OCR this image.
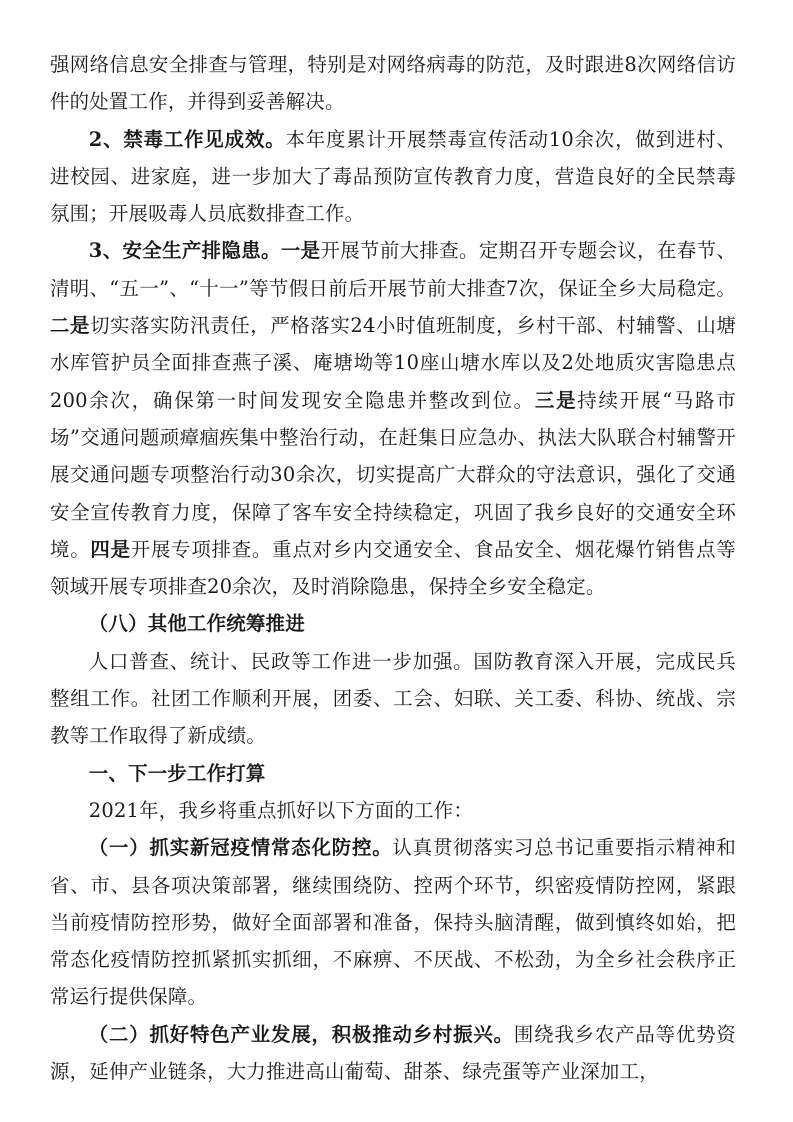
强网络信息安全排查与管理，特别是对网络病毒的防范，及时跟进8次网络信访件的处置工作，并得到妥善解决。

2、禁毒工作见成效。本年度累计开展禁毒宣传活动10余次，做到进村、进校园、进家庭，进一步加大了毒品预防宣传教育力度，营造良好的全民禁毒氛围；开展吸毒人员底数排查工作。

3、安全生产排隐患。一是开展节前大排查。定期召开专题会议，在春节、清明、“五一”、“十一”等节假日前后开展节前大排查7次，保证全乡大局稳定。二是切实落实防汛责任，严格落实24小时值班制度，乡村干部、村辅警、山塘水库管护员全面排查燕子溪、庵塘坳等10座山塘水库以及2处地质灾害隐患点200余次，确保第一时间发现安全隐患并整改到位。三是持续开展“马路市场”交通问题顽瘴痼疾集中整治行动，在赶集日应急办、执法大队联合村辅警开展交通问题专项整治行动30余次，切实提高广大群众的守法意识，强化了交通安全宣传教育力度，保障了客车安全持续稳定，巩固了我乡良好的交通安全环境。四是开展专项排查。重点对乡内交通安全、食品安全、烟花爆竹销售点等领域开展专项排查20余次，及时消除隐患，保持全乡安全稳定。

（八）其他工作统筹推进

人口普查、统计、民政等工作进一步加强。国防教育深入开展，完成民兵整组工作。社团工作顺利开展，团委、工会、妇联、关工委、科协、统战、宗教等工作取得了新成绩。

一、下一步工作打算

2021年，我乡将重点抓好以下方面的工作：

（一）抓实新冠疫情常态化防控。认真贯彻落实习总书记重要指示精神和省、市、县各项决策部署，继续围绕防、控两个环节，织密疫情防控网，紧跟当前疫情防控形势，做好全面部署和准备，保持头脑清醒，做到慎终如始，把常态化疫情防控抓紧抓实抓细，不麻痹、不厌战、不松劲，为全乡社会秩序正常运行提供保障。

（二）抓好特色产业发展，积极推动乡村振兴。围绕我乡农产品等优势资源，延伸产业链条，大力推进高山葡萄、甜茶、绿壳蛋等产业深加工，
